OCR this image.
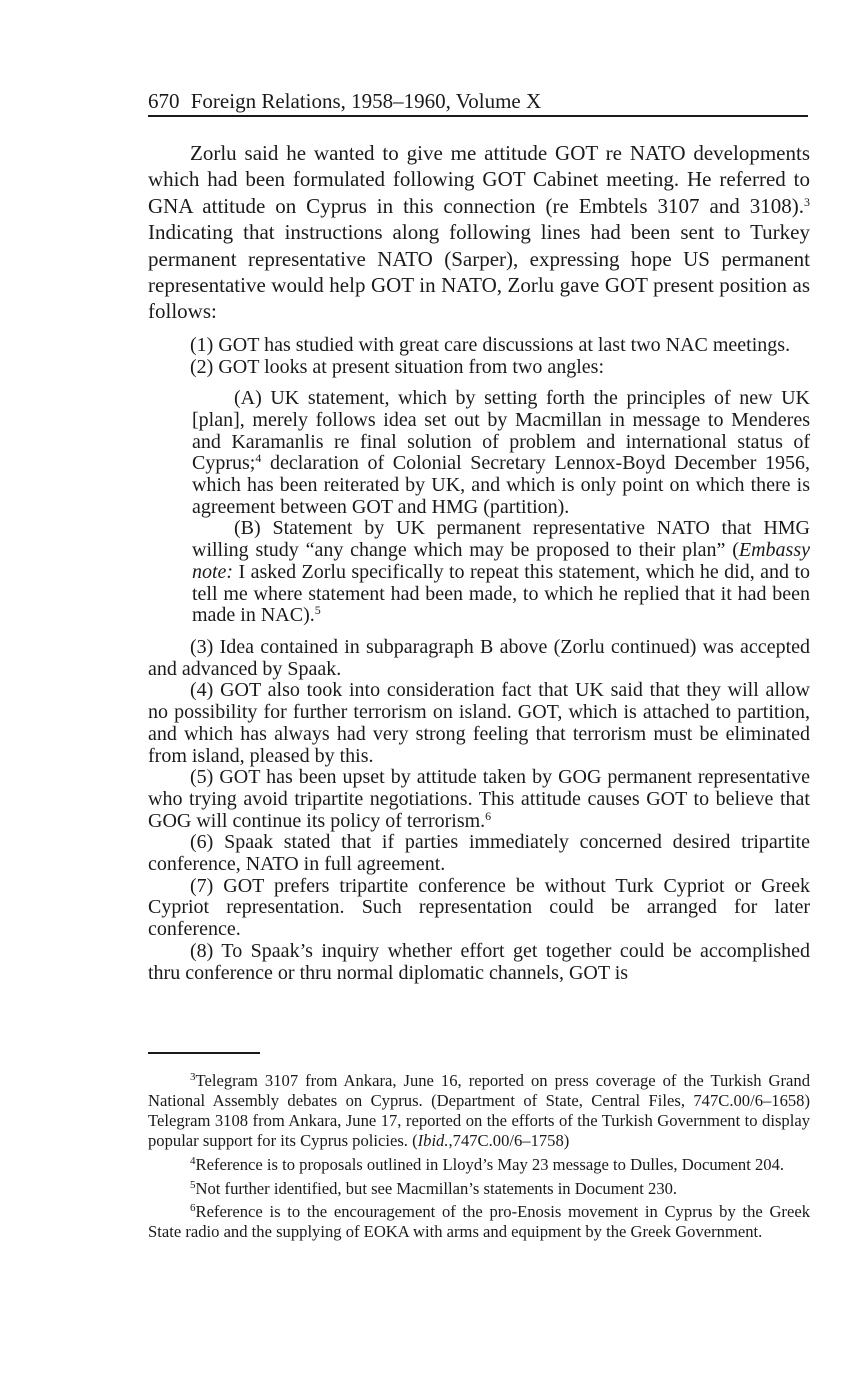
670 Foreign Relations, 1958–1960, Volume X

Zorlu said he wanted to give me attitude GOT re NATO developments which had been formulated following GOT Cabinet meeting. He referred to GNA attitude on Cyprus in this connection (re Embtels 3107 and 3108).$^3$ Indicating that instructions along following lines had been sent to Turkey permanent representative NATO (Sarper), expressing hope US permanent representative would help GOT in NATO, Zorlu gave GOT present position as follows:

(1) GOT has studied with great care discussions at last two NAC meetings.

(2) GOT looks at present situation from two angles:

(A) UK statement, which by setting forth the principles of new UK [plan], merely follows idea set out by Macmillan in message to Menderes and Karamanlis re final solution of problem and international status of Cyprus;$^4$ declaration of Colonial Secretary Lennox-Boyd December 1956, which has been reiterated by UK, and which is only point on which there is agreement between GOT and HMG (partition).

(B) Statement by UK permanent representative NATO that HMG willing study “any change which may be proposed to their plan” (Embassy note: I asked Zorlu specifically to repeat this statement, which he did, and to tell me where statement had been made, to which he replied that it had been made in NAC).$^5$

(3) Idea contained in subparagraph B above (Zorlu continued) was accepted and advanced by Spaak.

(4) GOT also took into consideration fact that UK said that they will allow no possibility for further terrorism on island. GOT, which is attached to partition, and which has always had very strong feeling that terrorism must be eliminated from island, pleased by this.

(5) GOT has been upset by attitude taken by GOG permanent representative who trying avoid tripartite negotiations. This attitude causes GOT to believe that GOG will continue its policy of terrorism.$^6$

(6) Spaak stated that if parties immediately concerned desired tripartite conference, NATO in full agreement.

(7) GOT prefers tripartite conference be without Turk Cypriot or Greek Cypriot representation. Such representation could be arranged for later conference.

(8) To Spaak’s inquiry whether effort get together could be accomplished thru conference or thru normal diplomatic channels, GOT is

$^3$Telegram 3107 from Ankara, June 16, reported on press coverage of the Turkish Grand National Assembly debates on Cyprus. (Department of State, Central Files, 747C.00/6–1658) Telegram 3108 from Ankara, June 17, reported on the efforts of the Turkish Government to display popular support for its Cyprus policies. (Ibid.,747C.00/6–1758)

$^4$Reference is to proposals outlined in Lloyd’s May 23 message to Dulles, Document 204.

$^5$Not further identified, but see Macmillan’s statements in Document 230.

$^6$Reference is to the encouragement of the pro-Enosis movement in Cyprus by the Greek State radio and the supplying of EOKA with arms and equipment by the Greek Government.
